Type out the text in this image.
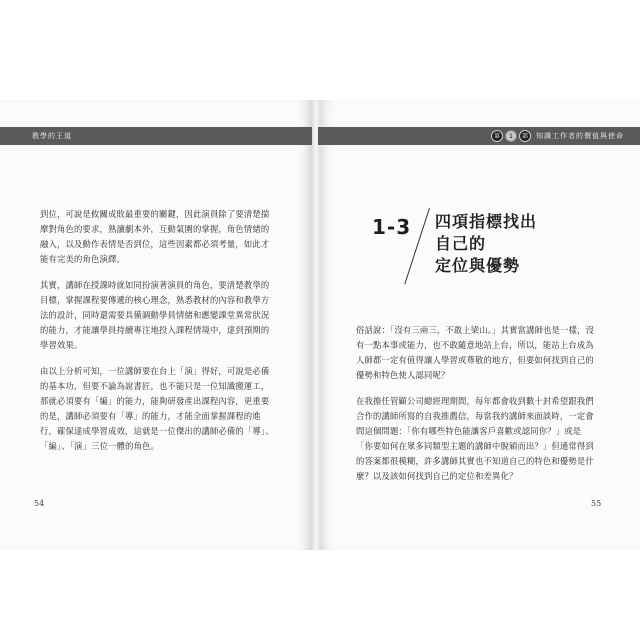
教學的王道	第	1	部	知識工作者的價值與使命

到位，可說是攸關成敗最重要的關鍵，因此演員除了要清楚揣摩對角色的要求，熟讀劇本外，互動氣圍的掌握，角色情緒的融入，以及動作表情是否到位，這些因素都必須考量，如此才能有完美的角色演繹。

其實，講師在授課時就如同扮演著演員的角色，要清楚教學的目標，掌握課程要傳遞的核心理念，熟悉教材的內容和教學方法的設計，同時還需要具備調動學員情緒和應變課堂異常狀況的能力，才能讓學員持續專注地投入課程情境中，達到預期的學習效果。

由以上分析可知，一位講師要在台上「演」得好，可說是必備的基本功，但要不論為說書匠，也不能只是一位知識搬運工，那就必須要有「編」的能力，能夠研發產出課程內容，更重要的是，講師必須要有「導」的能力，才能全面掌握課程的進行，確保達成學習成效，這就是一位傑出的講師必備的「導」、「編」、「演」三位一體的角色。

1-3 四項指標找出
自己的
定位與優勢

俗話說：「沒有三兩三，不敢上梁山。」其實當講師也是一樣，沒有一點本事或能力，也不敢隨意地站上台，所以，能站上台成為人師都一定有值得讓人學習或尊敬的地方，但要如何找到自己的優勢和特色使人認同呢？

在我擔任管顧公司總經理期間，每年都會收到數十封希望跟我們合作的講師所寫的自我推薦信，每當我約講師來面談時，一定會問這個問題：「你有哪些特色能讓客戶喜歡或認同你？」或是「你要如何在眾多同類型主題的講師中脫穎而出？」但通常得到的答案都很模糊，許多講師其實也不知道自己的特色和優勢是什麼？以及該如何找到自己的定位和差異化？

54	55
